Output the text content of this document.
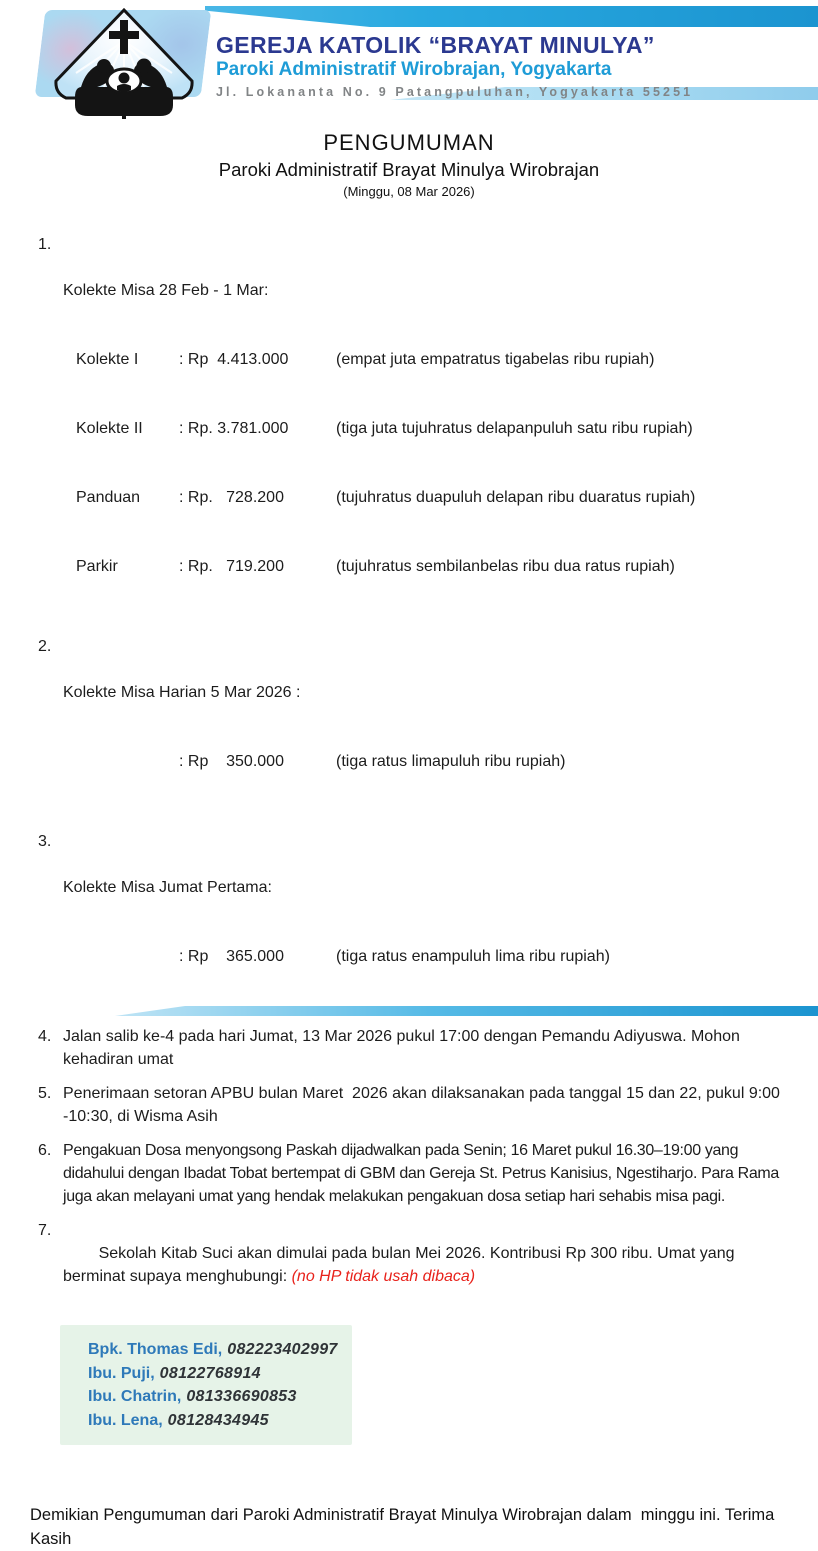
GEREJA KATOLIK “BRAYAT MINULYA”
Paroki Administratif Wirobrajan, Yogyakarta
Jl. Lokananta No. 9 Patangpuluhan, Yogyakarta 55251
PENGUMUMAN
Paroki Administratif Brayat Minulya Wirobrajan
(Minggu, 08 Mar 2026)
1.

Kolekte Misa 28 Feb - 1 Mar:

Kolekte I	: Rp  4.413.000	(empat juta empatratus tigabelas ribu rupiah)

Kolekte II	: Rp. 3.781.000	(tiga juta tujuhratus delapanpuluh satu ribu rupiah)

Panduan	: Rp.   728.200	(tujuhratus duapuluh delapan ribu duaratus rupiah)

Parkir	: Rp.   719.200	(tujuhratus sembilanbelas ribu dua ratus rupiah)

2.

Kolekte Misa Harian 5 Mar 2026 :

: Rp    350.000	(tiga ratus limapuluh ribu rupiah)

3.

Kolekte Misa Jumat Pertama:

: Rp    365.000	(tiga ratus enampuluh lima ribu rupiah)

4. Jalan salib ke-4 pada hari Jumat, 13 Mar 2026 pukul 17:00 dengan Pemandu Adiyuswa. Mohon kehadiran umat
5. Penerimaan setoran APBU bulan Maret  2026 akan dilaksanakan pada tanggal 15 dan 22, pukul 9:00 -10:30, di Wisma Asih
6. Pengakuan Dosa menyongsong Paskah dijadwalkan pada Senin; 16 Maret pukul 16.30–19:00 yang didahului dengan Ibadat Tobat bertempat di GBM dan Gereja St. Petrus Kanisius, Ngestiharjo. Para Rama juga akan melayani umat yang hendak melakukan pengakuan dosa setiap hari sehabis misa pagi.
7.

Sekolah Kitab Suci akan dimulai pada bulan Mei 2026. Kontribusi Rp 300 ribu. Umat yang berminat supaya menghubungi: (no HP tidak usah dibaca)

Bpk. Thomas Edi, 082223402997
Ibu. Puji, 08122768914
Ibu. Chatrin, 081336690853
Ibu. Lena, 08128434945

Demikian Pengumuman dari Paroki Administratif Brayat Minulya Wirobrajan dalam  minggu ini. Terima Kasih
